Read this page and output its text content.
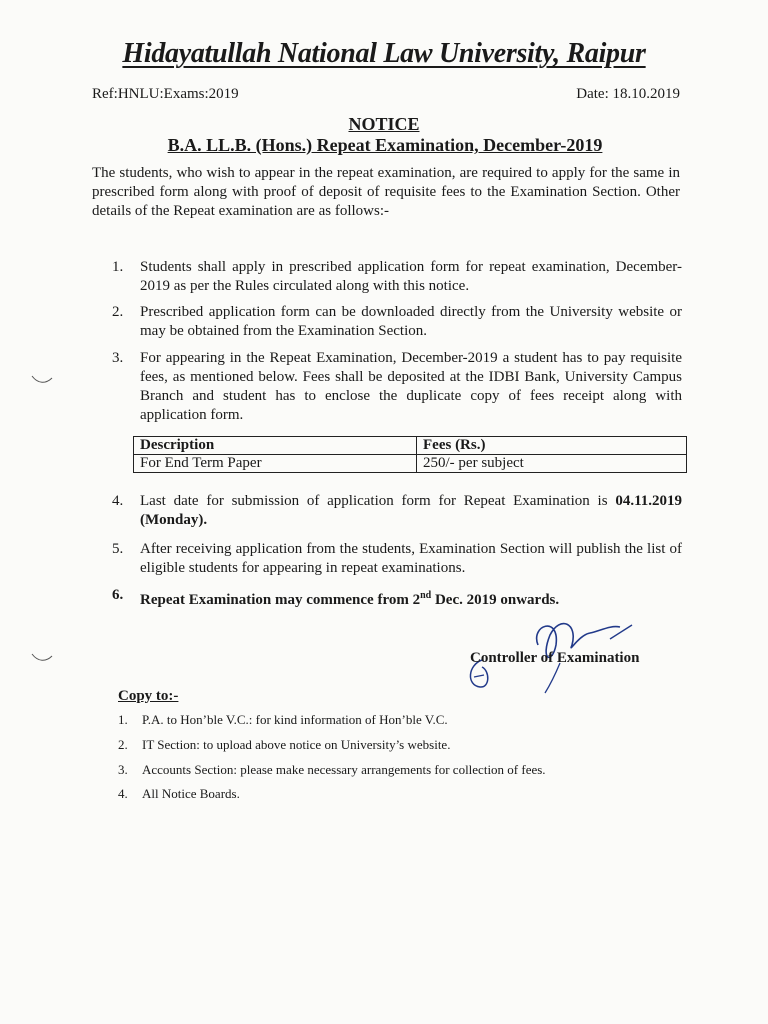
Hidayatullah National Law University, Raipur
Ref:HNLU:Exams:2019	Date: 18.10.2019
NOTICE
B.A. LL.B. (Hons.) Repeat Examination, December-2019
The students, who wish to appear in the repeat examination, are required to apply for the same in prescribed form along with proof of deposit of requisite fees to the Examination Section. Other details of the Repeat examination are as follows:-
1. Students shall apply in prescribed application form for repeat examination, December-2019 as per the Rules circulated along with this notice.
2. Prescribed application form can be downloaded directly from the University website or may be obtained from the Examination Section.
3. For appearing in the Repeat Examination, December-2019 a student has to pay requisite fees, as mentioned below. Fees shall be deposited at the IDBI Bank, University Campus Branch and student has to enclose the duplicate copy of fees receipt along with application form.
Description	Fees (Rs.)
For End Term Paper	250/- per subject
4. Last date for submission of application form for Repeat Examination is 04.11.2019 (Monday).
5. After receiving application from the students, Examination Section will publish the list of eligible students for appearing in repeat examinations.
6. Repeat Examination may commence from 2nd Dec. 2019 onwards.
Controller of Examination
Copy to:-
1. P.A. to Hon’ble V.C.: for kind information of Hon’ble V.C.
2. IT Section: to upload above notice on University’s website.
3. Accounts Section: please make necessary arrangements for collection of fees.
4. All Notice Boards.
